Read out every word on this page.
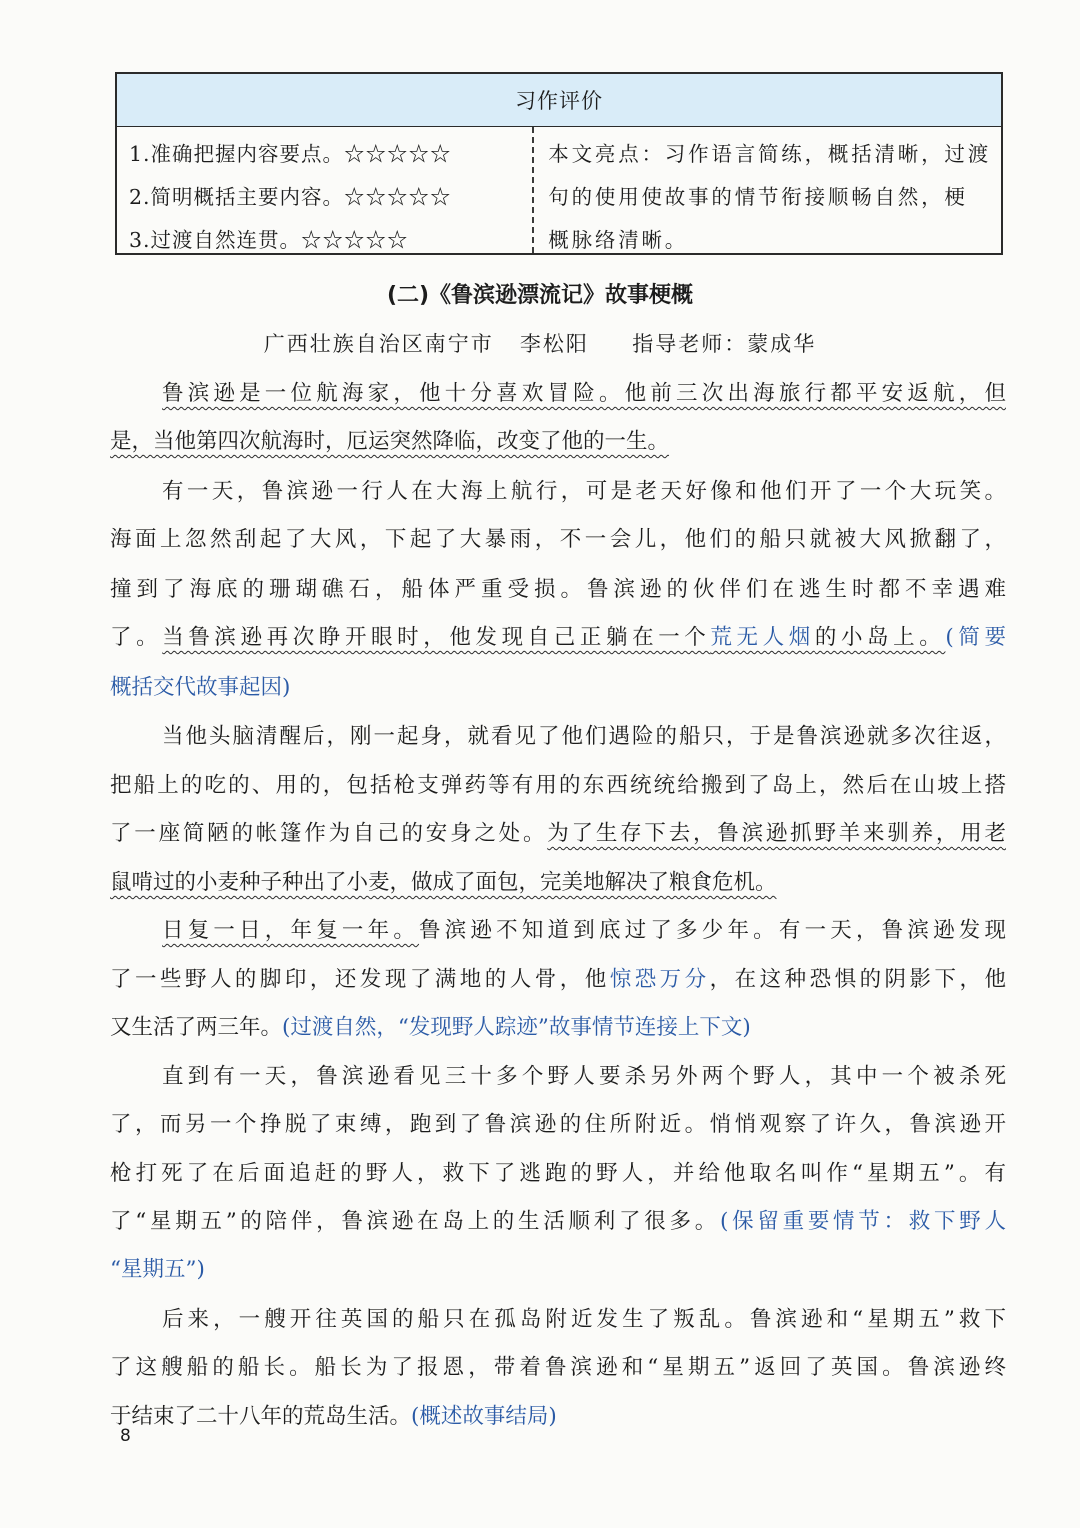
习作评价
1.准确把握内容要点。☆☆☆☆☆
2.简明概括主要内容。☆☆☆☆☆
3.过渡自然连贯。☆☆☆☆☆
本文亮点：习作语言简练，概括清晰，过渡
句的使用使故事的情节衔接顺畅自然，梗
概脉络清晰。
(二)《鲁滨逊漂流记》故事梗概
广西壮族自治区南宁市   李松阳     指导老师：蒙成华
鲁滨逊是一位航海家，他十分喜欢冒险。他前三次出海旅行都平安返航，但
是，当他第四次航海时，厄运突然降临，改变了他的一生。
有一天，鲁滨逊一行人在大海上航行，可是老天好像和他们开了一个大玩笑。
海面上忽然刮起了大风，下起了大暴雨，不一会儿，他们的船只就被大风掀翻了，
撞到了海底的珊瑚礁石，船体严重受损。鲁滨逊的伙伴们在逃生时都不幸遇难
了。当鲁滨逊再次睁开眼时，他发现自己正躺在一个荒无人烟的小岛上。(简要
概括交代故事起因)
当他头脑清醒后，刚一起身，就看见了他们遇险的船只，于是鲁滨逊就多次往返，
把船上的吃的、用的，包括枪支弹药等有用的东西统统给搬到了岛上，然后在山坡上搭
了一座简陋的帐篷作为自己的安身之处。为了生存下去，鲁滨逊抓野羊来驯养，用老
鼠啃过的小麦种子种出了小麦，做成了面包，完美地解决了粮食危机。
日复一日，年复一年。鲁滨逊不知道到底过了多少年。有一天，鲁滨逊发现
了一些野人的脚印，还发现了满地的人骨，他惊恐万分，在这种恐惧的阴影下，他
又生活了两三年。(过渡自然，“发现野人踪迹”故事情节连接上下文)
直到有一天，鲁滨逊看见三十多个野人要杀另外两个野人，其中一个被杀死
了，而另一个挣脱了束缚，跑到了鲁滨逊的住所附近。悄悄观察了许久，鲁滨逊开
枪打死了在后面追赶的野人，救下了逃跑的野人，并给他取名叫作“星期五”。有
了“星期五”的陪伴，鲁滨逊在岛上的生活顺利了很多。(保留重要情节：救下野人
“星期五”)
后来，一艘开往英国的船只在孤岛附近发生了叛乱。鲁滨逊和“星期五”救下
了这艘船的船长。船长为了报恩，带着鲁滨逊和“星期五”返回了英国。鲁滨逊终
于结束了二十八年的荒岛生活。(概述故事结局)
8
